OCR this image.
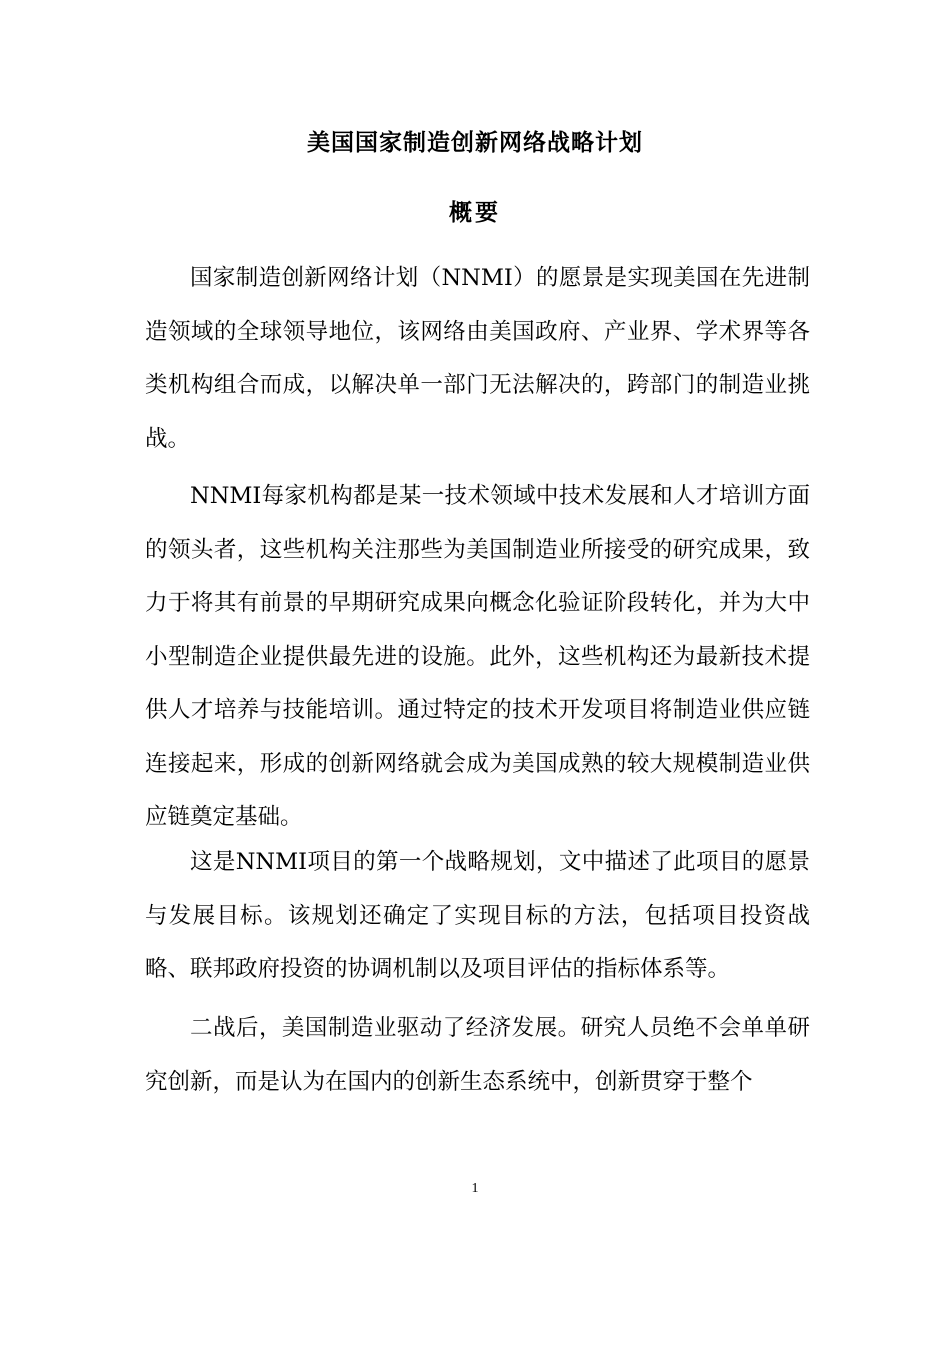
美国国家制造创新网络战略计划
概要

国家制造创新网络计划（NNMI）的愿景是实现美国在先进制造领域的全球领导地位，该网络由美国政府、产业界、学术界等各类机构组合而成，以解决单一部门无法解决的，跨部门的制造业挑战。

NNMI每家机构都是某一技术领域中技术发展和人才培训方面的领头者，这些机构关注那些为美国制造业所接受的研究成果，致力于将其有前景的早期研究成果向概念化验证阶段转化，并为大中小型制造企业提供最先进的设施。此外，这些机构还为最新技术提供人才培养与技能培训。通过特定的技术开发项目将制造业供应链连接起来，形成的创新网络就会成为美国成熟的较大规模制造业供应链奠定基础。

这是NNMI项目的第一个战略规划，文中描述了此项目的愿景与发展目标。该规划还确定了实现目标的方法，包括项目投资战略、联邦政府投资的协调机制以及项目评估的指标体系等。

二战后，美国制造业驱动了经济发展。研究人员绝不会单单研究创新，而是认为在国内的创新生态系统中，创新贯穿于整个

1
